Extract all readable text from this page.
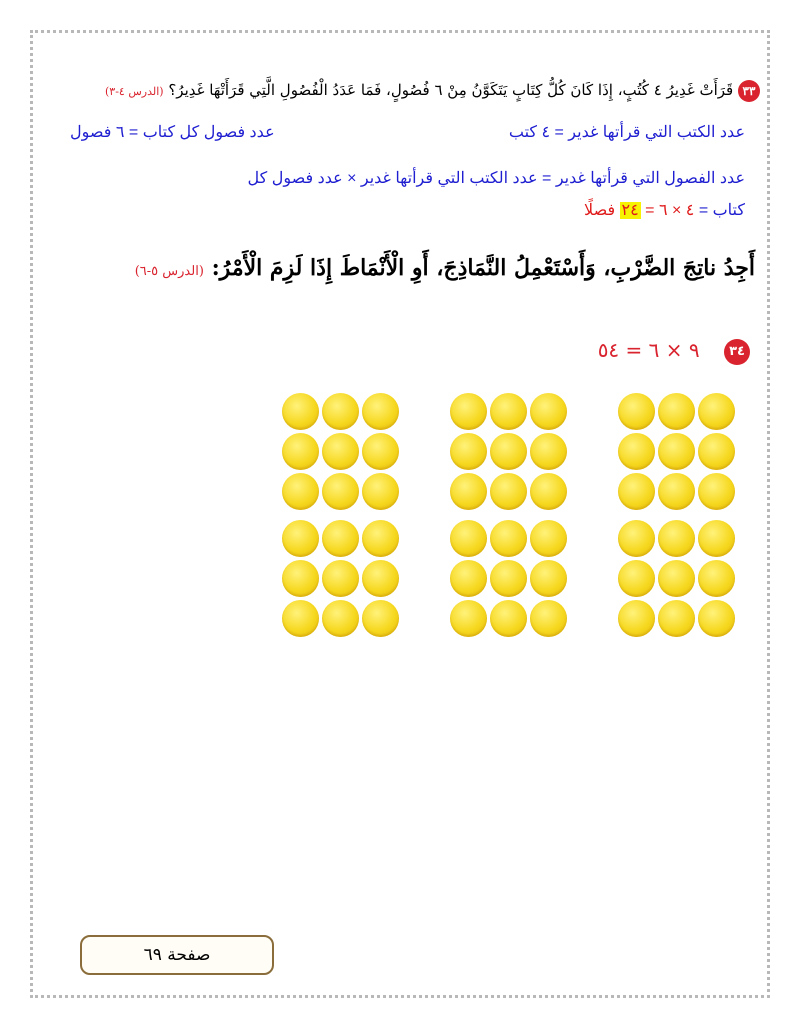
٣٣ قَرَأَتْ غَدِيرُ ٤ كُتُبٍ، إِذَا كَانَ كُلُّ كِتَابٍ يَتَكَوَّنُ مِنْ ٦ فُصُولٍ، فَمَا عَدَدُ الْفُصُولِ الَّتِي قَرَأَتْهَا غَدِيرُ؟ (الدرس ٤-٣)
عدد الكتب التي قرأتها غدير = ٤ كتب
عدد فصول كل كتاب = ٦ فصول
عدد الفصول التي قرأتها غدير = عدد الكتب التي قرأتها غدير × عدد فصول كل
كتاب = ٤ × ٦ = ٢٤ فصلًا
أَجِدُ ناتِجَ الضَّرْبِ، وَأَسْتَعْمِلُ النَّمَاذِجَ، أَوِ الْأَنْمَاطَ إِذَا لَزِمَ الْأَمْرُ: (الدرس ٥-٦)
٣٤ ٩ × ٦ = ٥٤
صفحة ٦٩
